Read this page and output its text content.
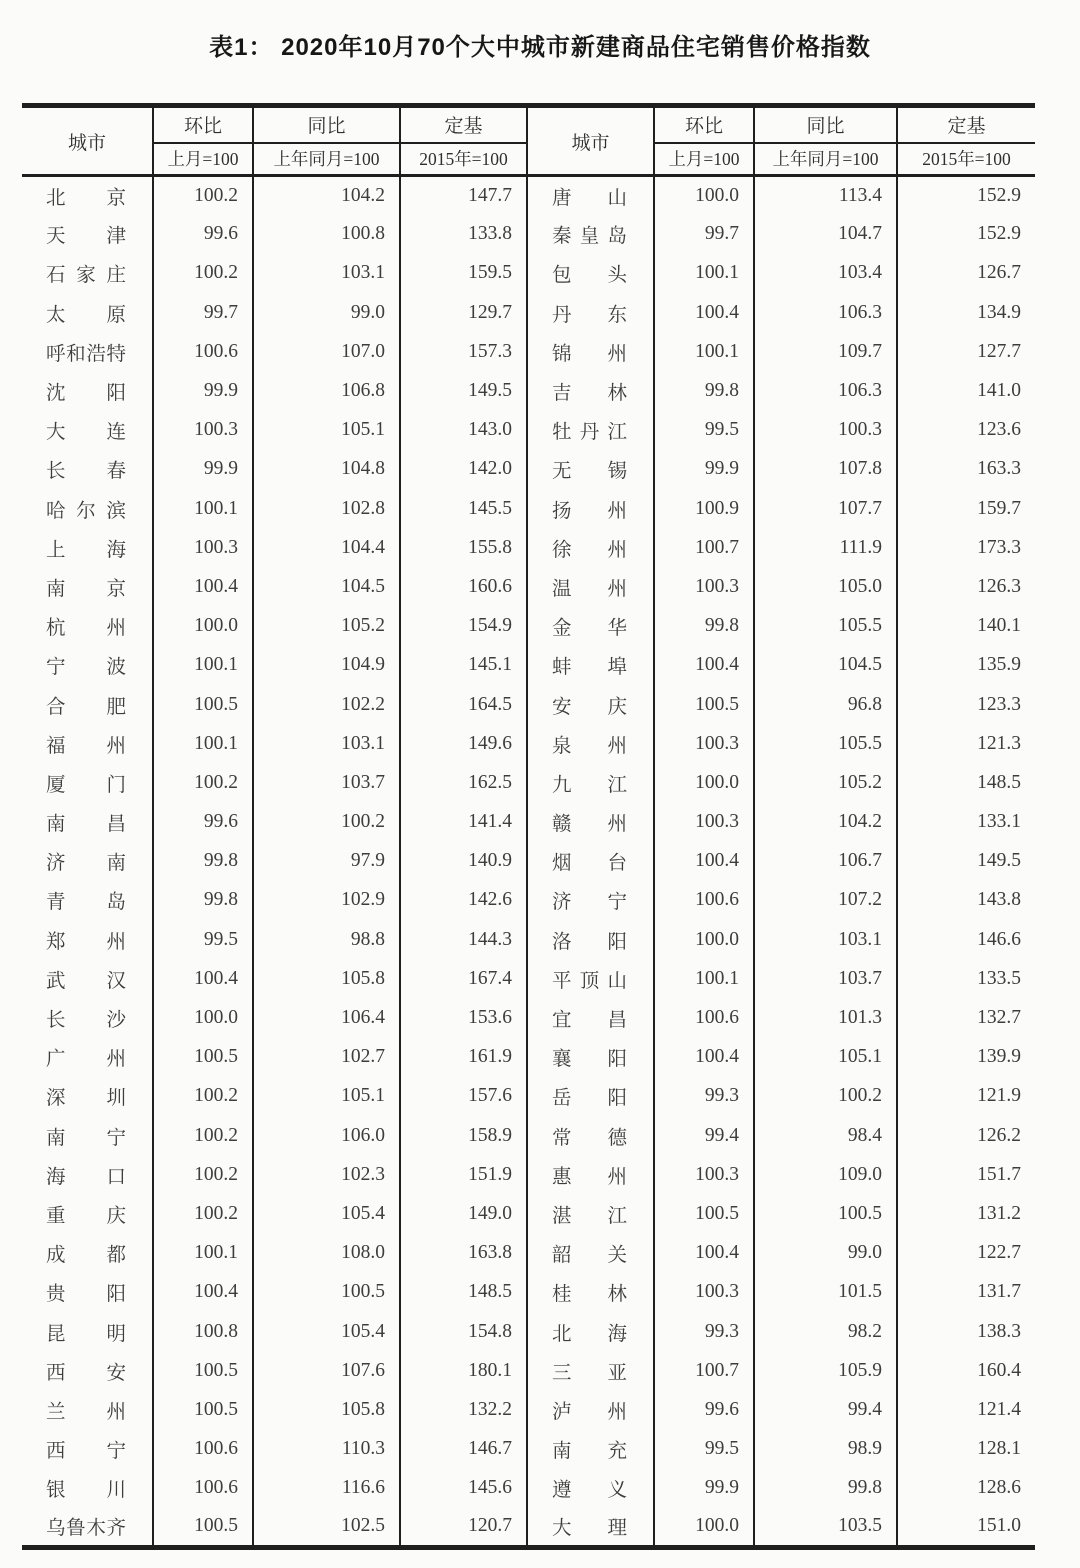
表1： 2020年10月70个大中城市新建商品住宅销售价格指数
城市	环比	同比	定基	城市	环比	同比	定基
	上月=100	上年同月=100	2015年=100		上月=100	上年同月=100	2015年=100

北 京	100.2	104.2	147.7	唐 山	100.0	113.4	152.9

天 津	99.6	100.8	133.8	秦 皇 岛	99.7	104.7	152.9

石 家 庄	100.2	103.1	159.5	包 头	100.1	103.4	126.7

太 原	99.7	99.0	129.7	丹 东	100.4	106.3	134.9

呼 和 浩 特	100.6	107.0	157.3	锦 州	100.1	109.7	127.7

沈 阳	99.9	106.8	149.5	吉 林	99.8	106.3	141.0

大 连	100.3	105.1	143.0	牡 丹 江	99.5	100.3	123.6

长 春	99.9	104.8	142.0	无 锡	99.9	107.8	163.3

哈 尔 滨	100.1	102.8	145.5	扬 州	100.9	107.7	159.7

上 海	100.3	104.4	155.8	徐 州	100.7	111.9	173.3

南 京	100.4	104.5	160.6	温 州	100.3	105.0	126.3

杭 州	100.0	105.2	154.9	金 华	99.8	105.5	140.1

宁 波	100.1	104.9	145.1	蚌 埠	100.4	104.5	135.9

合 肥	100.5	102.2	164.5	安 庆	100.5	96.8	123.3

福 州	100.1	103.1	149.6	泉 州	100.3	105.5	121.3

厦 门	100.2	103.7	162.5	九 江	100.0	105.2	148.5

南 昌	99.6	100.2	141.4	赣 州	100.3	104.2	133.1

济 南	99.8	97.9	140.9	烟 台	100.4	106.7	149.5

青 岛	99.8	102.9	142.6	济 宁	100.6	107.2	143.8

郑 州	99.5	98.8	144.3	洛 阳	100.0	103.1	146.6

武 汉	100.4	105.8	167.4	平 顶 山	100.1	103.7	133.5

长 沙	100.0	106.4	153.6	宜 昌	100.6	101.3	132.7

广 州	100.5	102.7	161.9	襄 阳	100.4	105.1	139.9

深 圳	100.2	105.1	157.6	岳 阳	99.3	100.2	121.9

南 宁	100.2	106.0	158.9	常 德	99.4	98.4	126.2

海 口	100.2	102.3	151.9	惠 州	100.3	109.0	151.7

重 庆	100.2	105.4	149.0	湛 江	100.5	100.5	131.2

成 都	100.1	108.0	163.8	韶 关	100.4	99.0	122.7

贵 阳	100.4	100.5	148.5	桂 林	100.3	101.5	131.7

昆 明	100.8	105.4	154.8	北 海	99.3	98.2	138.3

西 安	100.5	107.6	180.1	三 亚	100.7	105.9	160.4

兰 州	100.5	105.8	132.2	泸 州	99.6	99.4	121.4

西 宁	100.6	110.3	146.7	南 充	99.5	98.9	128.1

银 川	100.6	116.6	145.6	遵 义	99.9	99.8	128.6

乌 鲁 木 齐	100.5	102.5	120.7	大 理	100.0	103.5	151.0
